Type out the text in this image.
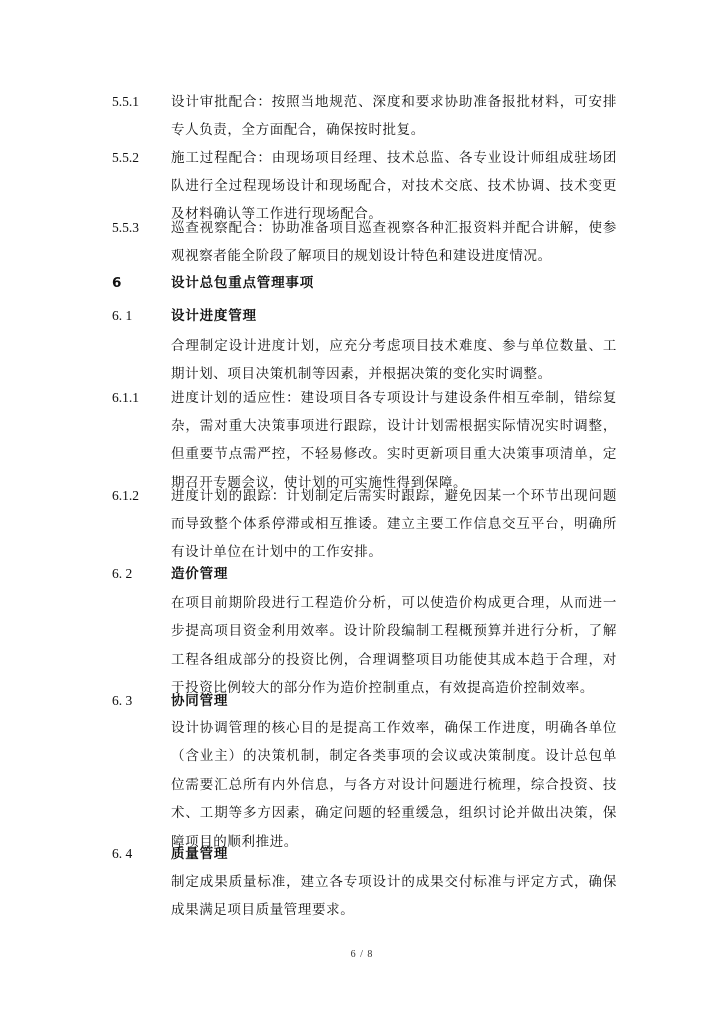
5.5.1 设计审批配合：按照当地规范、深度和要求协助准备报批材料，可安排专人负责，全方面配合，确保按时批复。
5.5.2 施工过程配合：由现场项目经理、技术总监、各专业设计师组成驻场团队进行全过程现场设计和现场配合，对技术交底、技术协调、技术变更及材料确认等工作进行现场配合。
5.5.3 巡查视察配合：协助准备项目巡查视察各种汇报资料并配合讲解，使参观视察者能全阶段了解项目的规划设计特色和建设进度情况。
6	设计总包重点管理事项
6. 1	设计进度管理
合理制定设计进度计划，应充分考虑项目技术难度、参与单位数量、工期计划、项目决策机制等因素，并根据决策的变化实时调整。
6.1.1 进度计划的适应性：建设项目各专项设计与建设条件相互牵制，错综复杂，需对重大决策事项进行跟踪，设计计划需根据实际情况实时调整，但重要节点需严控，不轻易修改。实时更新项目重大决策事项清单，定期召开专题会议，使计划的可实施性得到保障。
6.1.2 进度计划的跟踪：计划制定后需实时跟踪，避免因某一个环节出现问题而导致整个体系停滞或相互推诿。建立主要工作信息交互平台，明确所有设计单位在计划中的工作安排。
6. 2	造价管理
在项目前期阶段进行工程造价分析，可以使造价构成更合理，从而进一步提高项目资金利用效率。设计阶段编制工程概预算并进行分析，了解工程各组成部分的投资比例，合理调整项目功能使其成本趋于合理，对于投资比例较大的部分作为造价控制重点，有效提高造价控制效率。
6. 3	协同管理
设计协调管理的核心目的是提高工作效率，确保工作进度，明确各单位（含业主）的决策机制，制定各类事项的会议或决策制度。设计总包单位需要汇总所有内外信息，与各方对设计问题进行梳理，综合投资、技术、工期等多方因素，确定问题的轻重缓急，组织讨论并做出决策，保障项目的顺利推进。
6. 4	质量管理
制定成果质量标准，建立各专项设计的成果交付标准与评定方式，确保成果满足项目质量管理要求。
6 / 8
